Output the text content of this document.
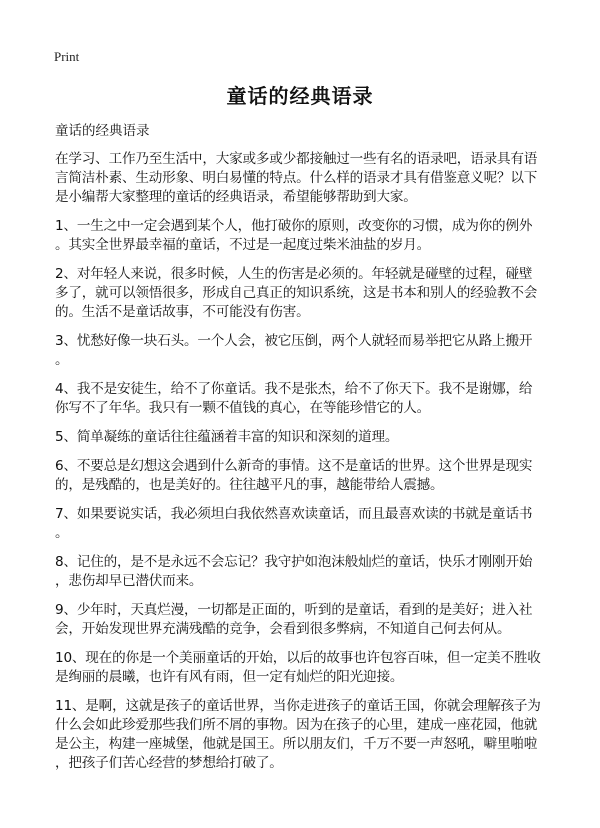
Print
童话的经典语录
童话的经典语录
在学习、工作乃至生活中，大家或多或少都接触过一些有名的语录吧，语录具有语
言简洁朴素、生动形象、明白易懂的特点。什么样的语录才具有借鉴意义呢？以下
是小编帮大家整理的童话的经典语录，希望能够帮助到大家。
1、一生之中一定会遇到某个人，他打破你的原则，改变你的习惯，成为你的例外
。其实全世界最幸福的童话，不过是一起度过柴米油盐的岁月。
2、对年轻人来说，很多时候，人生的伤害是必须的。年轻就是碰壁的过程，碰壁
多了，就可以领悟很多，形成自己真正的知识系统，这是书本和别人的经验教不会
的。生活不是童话故事，不可能没有伤害。
3、忧愁好像一块石头。一个人会，被它压倒，两个人就轻而易举把它从路上搬开
。
4、我不是安徒生，给不了你童话。我不是张杰，给不了你天下。我不是谢娜，给
你写不了年华。我只有一颗不值钱的真心，在等能珍惜它的人。
5、简单凝练的童话往往蕴涵着丰富的知识和深刻的道理。
6、不要总是幻想这会遇到什么新奇的事情。这不是童话的世界。这个世界是现实
的，是残酷的，也是美好的。往往越平凡的事，越能带给人震撼。
7、如果要说实话，我必须坦白我依然喜欢读童话，而且最喜欢读的书就是童话书
。
8、记住的，是不是永远不会忘记？我守护如泡沫般灿烂的童话，快乐才刚刚开始
，悲伤却早已潜伏而来。
9、少年时，天真烂漫，一切都是正面的，听到的是童话，看到的是美好；进入社
会，开始发现世界充满残酷的竞争，会看到很多弊病，不知道自己何去何从。
10、现在的你是一个美丽童话的开始，以后的故事也许包容百味，但一定美不胜收
是绚丽的晨曦，也许有风有雨，但一定有灿烂的阳光迎接。
11、是啊，这就是孩子的童话世界，当你走进孩子的童话王国，你就会理解孩子为
什么会如此珍爱那些我们所不屑的事物。因为在孩子的心里，建成一座花园，他就
是公主，构建一座城堡，他就是国王。所以朋友们，千万不要一声怒吼，噼里啪啦
，把孩子们苦心经营的梦想给打破了。
